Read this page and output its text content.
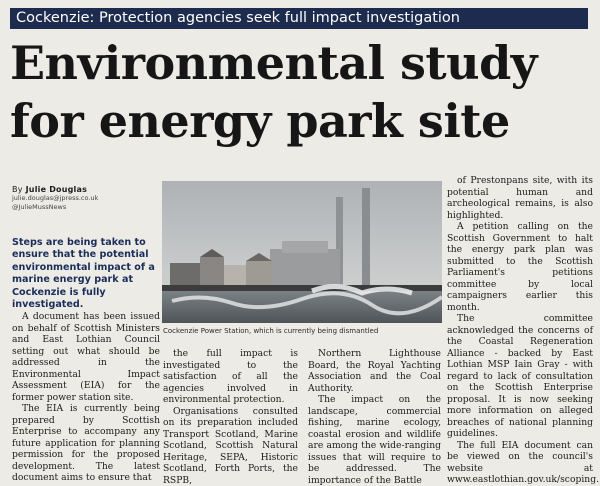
Cockenzie: Protection agencies seek full impact investigation
Environmental study
for energy park site
By Julie Douglas
julie.douglas@jpress.co.uk
@JulieMussNews
Steps are being taken to ensure that the potential environmental impact of a marine energy park at Cockenzie is fully investigated.

A document has been issued on behalf of Scottish Ministers and East Lothian Council setting out what should be addressed in the Environmental Impact Assessment (EIA) for the former power station site.

The EIA is currently being prepared by Scottish Enterprise to accompany any future application for planning permission for the proposed development. The latest document aims to ensure that

Cockenzie Power Station, which is currently being dismantled

the full impact is investigated to the satisfaction of all the agencies involved in environmental protection.

Organisations consulted on its preparation included Transport Scotland, Marine Scotland, Scottish Natural Heritage, SEPA, Historic Scotland, Forth Ports, the RSPB,

Northern Lighthouse Board, the Royal Yachting Association and the Coal Authority.

The impact on the landscape, commercial fishing, marine ecology, coastal erosion and wildlife are among the wide-ranging issues that will require to be addressed. The importance of the Battle

of Prestonpans site, with its potential human and archeological remains, is also highlighted.

A petition calling on the Scottish Government to halt the energy park plan was submitted to the Scottish Parliament's petitions committee by local campaigners earlier this month.

The committee acknowledged the concerns of the Coastal Regeneration Alliance - backed by East Lothian MSP Iain Gray - with regard to lack of consultation on the Scottish Enterprise proposal. It is now seeking more information on alleged breaches of national planning guidelines.

The full EIA document can be viewed on the council's website at www.eastlothian.gov.uk/scoping.
